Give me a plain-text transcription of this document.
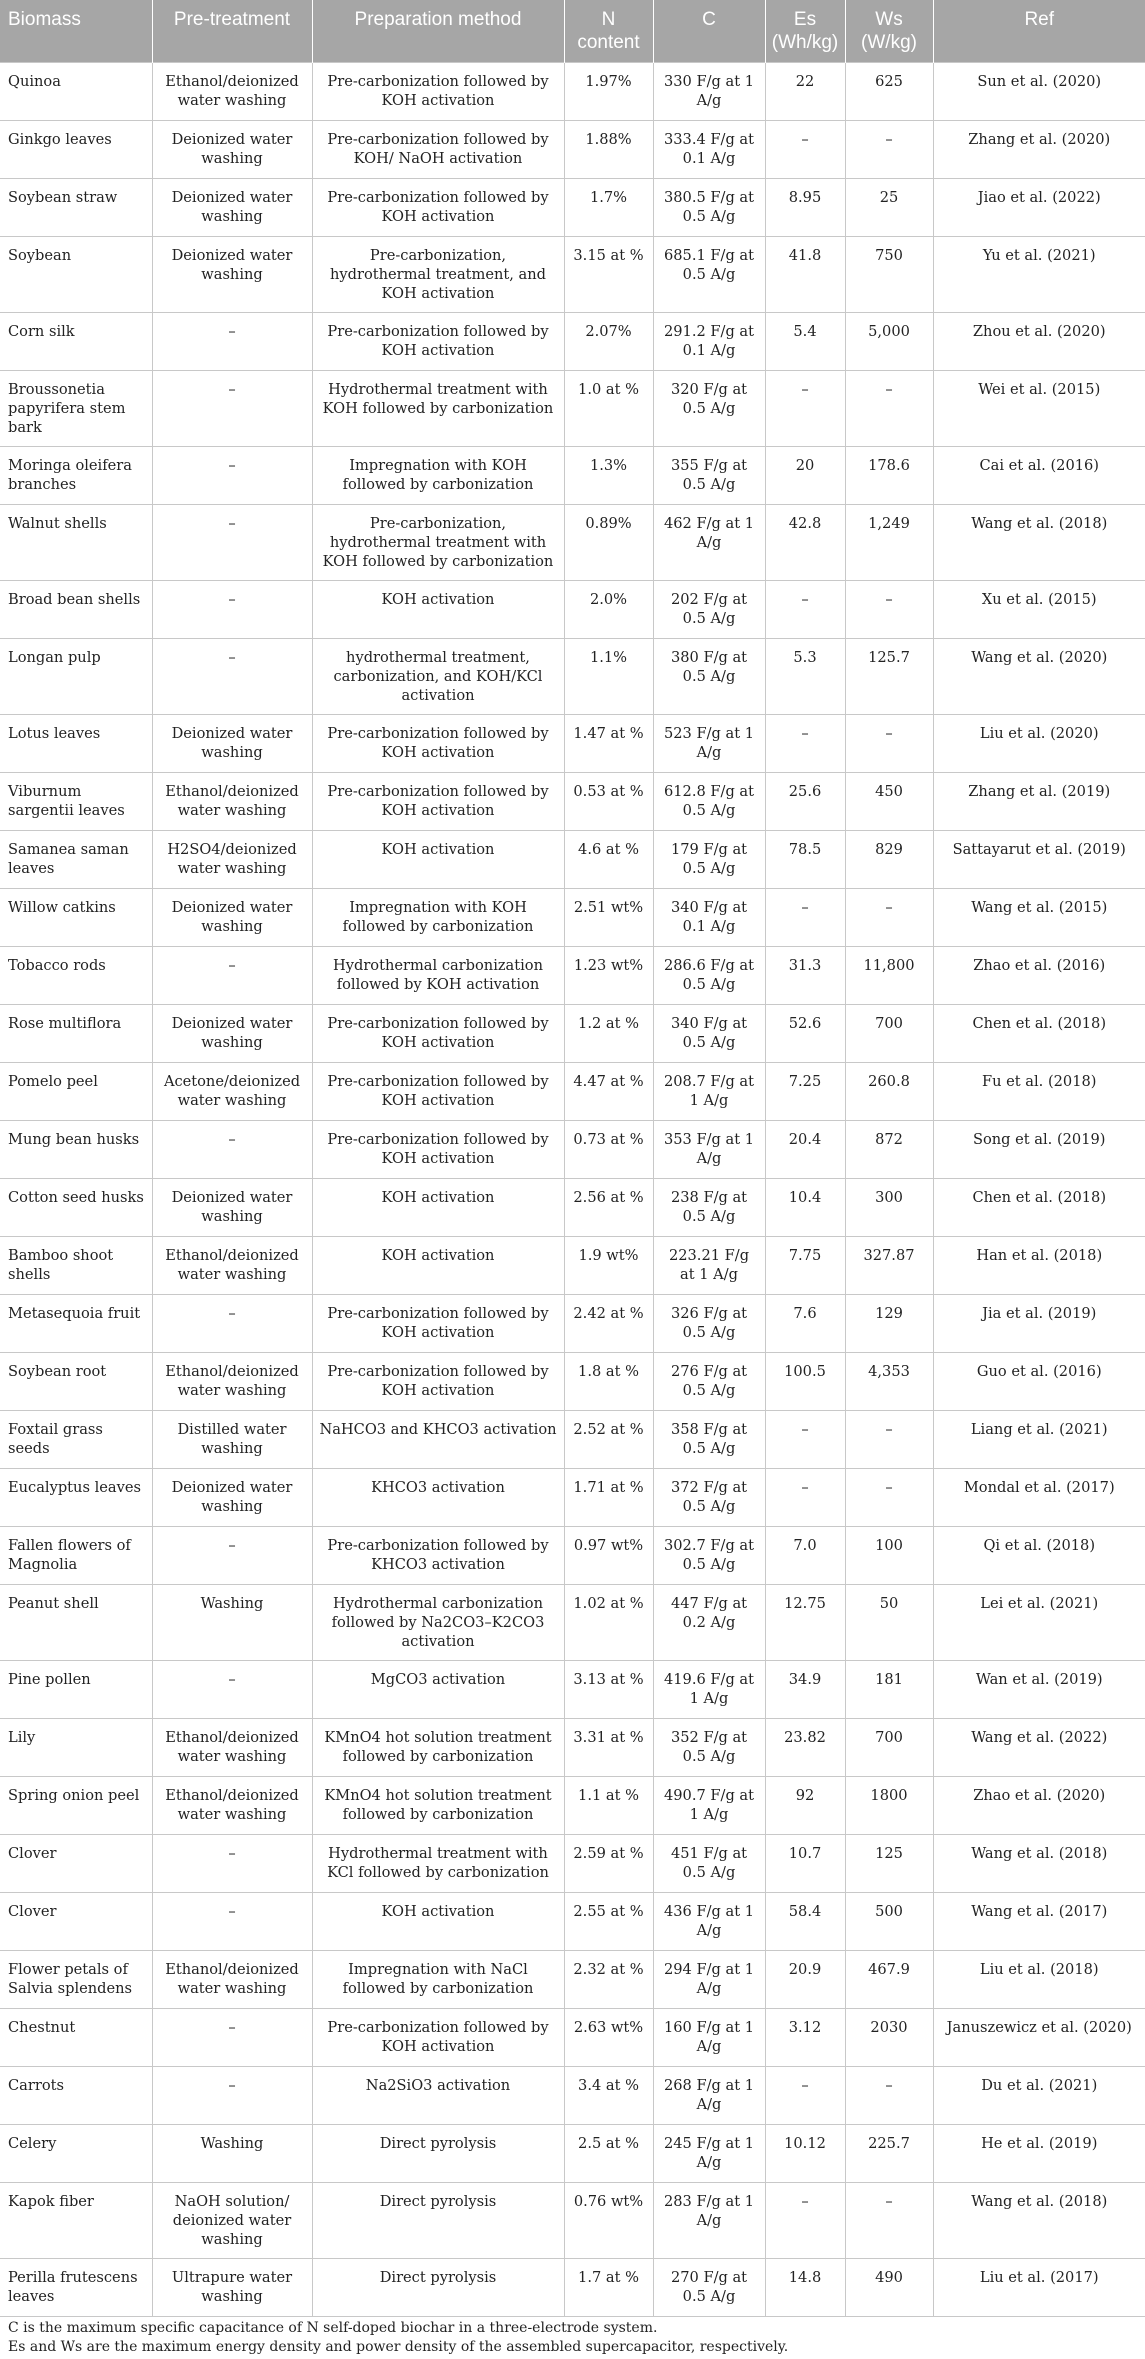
Biomass	Pre-treatment	Preparation method	N content	C	Es (Wh/kg)	Ws (W/kg)	Ref
Quinoa	Ethanol/deionized water washing	Pre-carbonization followed by KOH activation	1.97%	330 F/g at 1 A/g	22	625	Sun et al. (2020)
Ginkgo leaves	Deionized water washing	Pre-carbonization followed by KOH/ NaOH activation	1.88%	333.4 F/g at 0.1 A/g	–	–	Zhang et al. (2020)
Soybean straw	Deionized water washing	Pre-carbonization followed by KOH activation	1.7%	380.5 F/g at 0.5 A/g	8.95	25	Jiao et al. (2022)
Soybean	Deionized water washing	Pre-carbonization, hydrothermal treatment, and KOH activation	3.15 at %	685.1 F/g at 0.5 A/g	41.8	750	Yu et al. (2021)
Corn silk	–	Pre-carbonization followed by KOH activation	2.07%	291.2 F/g at 0.1 A/g	5.4	5,000	Zhou et al. (2020)
Broussonetia papyrifera stem bark	–	Hydrothermal treatment with KOH followed by carbonization	1.0 at %	320 F/g at 0.5 A/g	–	–	Wei et al. (2015)
Moringa oleifera branches	–	Impregnation with KOH followed by carbonization	1.3%	355 F/g at 0.5 A/g	20	178.6	Cai et al. (2016)
Walnut shells	–	Pre-carbonization, hydrothermal treatment with KOH followed by carbonization	0.89%	462 F/g at 1 A/g	42.8	1,249	Wang et al. (2018)
Broad bean shells	–	KOH activation	2.0%	202 F/g at 0.5 A/g	–	–	Xu et al. (2015)
Longan pulp	–	hydrothermal treatment, carbonization, and KOH/KCl activation	1.1%	380 F/g at 0.5 A/g	5.3	125.7	Wang et al. (2020)
Lotus leaves	Deionized water washing	Pre-carbonization followed by KOH activation	1.47 at %	523 F/g at 1 A/g	–	–	Liu et al. (2020)
Viburnum sargentii leaves	Ethanol/deionized water washing	Pre-carbonization followed by KOH activation	0.53 at %	612.8 F/g at 0.5 A/g	25.6	450	Zhang et al. (2019)
Samanea saman leaves	H2SO4/deionized water washing	KOH activation	4.6 at %	179 F/g at 0.5 A/g	78.5	829	Sattayarut et al. (2019)
Willow catkins	Deionized water washing	Impregnation with KOH followed by carbonization	2.51 wt%	340 F/g at 0.1 A/g	–	–	Wang et al. (2015)
Tobacco rods	–	Hydrothermal carbonization followed by KOH activation	1.23 wt%	286.6 F/g at 0.5 A/g	31.3	11,800	Zhao et al. (2016)
Rose multiflora	Deionized water washing	Pre-carbonization followed by KOH activation	1.2 at %	340 F/g at 0.5 A/g	52.6	700	Chen et al. (2018)
Pomelo peel	Acetone/deionized water washing	Pre-carbonization followed by KOH activation	4.47 at %	208.7 F/g at 1 A/g	7.25	260.8	Fu et al. (2018)
Mung bean husks	–	Pre-carbonization followed by KOH activation	0.73 at %	353 F/g at 1 A/g	20.4	872	Song et al. (2019)
Cotton seed husks	Deionized water washing	KOH activation	2.56 at %	238 F/g at 0.5 A/g	10.4	300	Chen et al. (2018)
Bamboo shoot shells	Ethanol/deionized water washing	KOH activation	1.9 wt%	223.21 F/g at 1 A/g	7.75	327.87	Han et al. (2018)
Metasequoia fruit	–	Pre-carbonization followed by KOH activation	2.42 at %	326 F/g at 0.5 A/g	7.6	129	Jia et al. (2019)
Soybean root	Ethanol/deionized water washing	Pre-carbonization followed by KOH activation	1.8 at %	276 F/g at 0.5 A/g	100.5	4,353	Guo et al. (2016)
Foxtail grass seeds	Distilled water washing	NaHCO3 and KHCO3 activation	2.52 at %	358 F/g at 0.5 A/g	–	–	Liang et al. (2021)
Eucalyptus leaves	Deionized water washing	KHCO3 activation	1.71 at %	372 F/g at 0.5 A/g	–	–	Mondal et al. (2017)
Fallen flowers of Magnolia	–	Pre-carbonization followed by KHCO3 activation	0.97 wt%	302.7 F/g at 0.5 A/g	7.0	100	Qi et al. (2018)
Peanut shell	Washing	Hydrothermal carbonization followed by Na2CO3–K2CO3 activation	1.02 at %	447 F/g at 0.2 A/g	12.75	50	Lei et al. (2021)
Pine pollen	–	MgCO3 activation	3.13 at %	419.6 F/g at 1 A/g	34.9	181	Wan et al. (2019)
Lily	Ethanol/deionized water washing	KMnO4 hot solution treatment followed by carbonization	3.31 at %	352 F/g at 0.5 A/g	23.82	700	Wang et al. (2022)
Spring onion peel	Ethanol/deionized water washing	KMnO4 hot solution treatment followed by carbonization	1.1 at %	490.7 F/g at 1 A/g	92	1800	Zhao et al. (2020)
Clover	–	Hydrothermal treatment with KCl followed by carbonization	2.59 at %	451 F/g at 0.5 A/g	10.7	125	Wang et al. (2018)
Clover	–	KOH activation	2.55 at %	436 F/g at 1 A/g	58.4	500	Wang et al. (2017)
Flower petals of Salvia splendens	Ethanol/deionized water washing	Impregnation with NaCl followed by carbonization	2.32 at %	294 F/g at 1 A/g	20.9	467.9	Liu et al. (2018)
Chestnut	–	Pre-carbonization followed by KOH activation	2.63 wt%	160 F/g at 1 A/g	3.12	2030	Januszewicz et al. (2020)
Carrots	–	Na2SiO3 activation	3.4 at %	268 F/g at 1 A/g	–	–	Du et al. (2021)
Celery	Washing	Direct pyrolysis	2.5 at %	245 F/g at 1 A/g	10.12	225.7	He et al. (2019)
Kapok fiber	NaOH solution/ deionized water washing	Direct pyrolysis	0.76 wt%	283 F/g at 1 A/g	–	–	Wang et al. (2018)
Perilla frutescens leaves	Ultrapure water washing	Direct pyrolysis	1.7 at %	270 F/g at 0.5 A/g	14.8	490	Liu et al. (2017)

C is the maximum specific capacitance of N self-doped biochar in a three-electrode system.

Es and Ws are the maximum energy density and power density of the assembled supercapacitor, respectively.
